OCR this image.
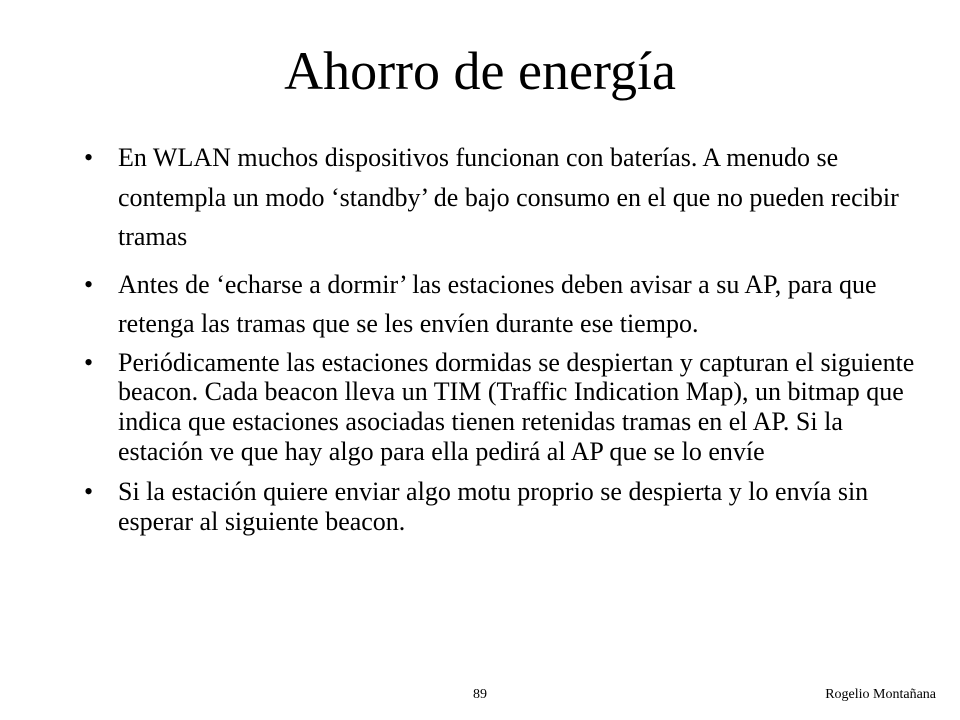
Ahorro de energía
• En WLAN muchos dispositivos funcionan con baterías. A menudo se contempla un modo ‘standby’ de bajo consumo en el que no pueden recibir tramas
• Antes de ‘echarse a dormir’ las estaciones deben avisar a su AP, para que retenga las tramas que se les envíen durante ese tiempo.
• Periódicamente las estaciones dormidas se despiertan y capturan el siguiente beacon. Cada beacon lleva un TIM (Traffic Indication Map), un bitmap que indica que estaciones asociadas tienen retenidas tramas en el AP. Si la estación ve que hay algo para ella pedirá al AP que se lo envíe
• Si la estación quiere enviar algo motu proprio se despierta y lo envía sin esperar al siguiente beacon.
89	Rogelio Montañana
